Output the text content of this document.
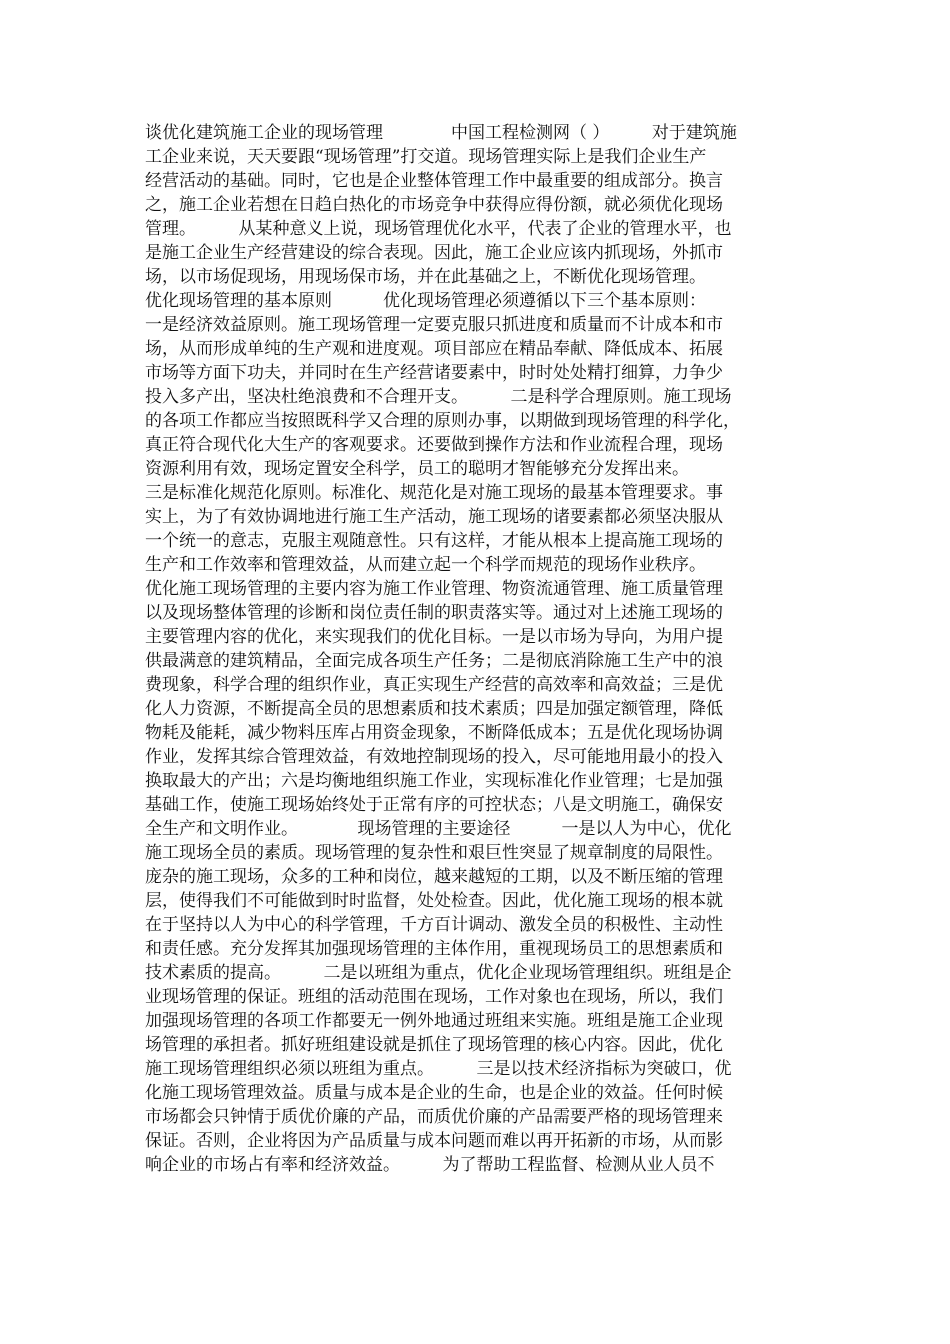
谈优化建筑施工企业的现场管理　　　　中国工程检测网（ ）　　　对于建筑施
工企业来说，天天要跟“现场管理”打交道。现场管理实际上是我们企业生产
经营活动的基础。同时，它也是企业整体管理工作中最重要的组成部分。换言
之，施工企业若想在日趋白热化的市场竞争中获得应得份额，就必须优化现场
管理。　　　从某种意义上说，现场管理优化水平，代表了企业的管理水平，也
是施工企业生产经营建设的综合表现。因此，施工企业应该内抓现场，外抓市
场，以市场促现场，用现场保市场，并在此基础之上，不断优化现场管理。
优化现场管理的基本原则　　　优化现场管理必须遵循以下三个基本原则：
一是经济效益原则。施工现场管理一定要克服只抓进度和质量而不计成本和市
场，从而形成单纯的生产观和进度观。项目部应在精品奉献、降低成本、拓展
市场等方面下功夫，并同时在生产经营诸要素中，时时处处精打细算，力争少
投入多产出，坚决杜绝浪费和不合理开支。　　　二是科学合理原则。施工现场
的各项工作都应当按照既科学又合理的原则办事，以期做到现场管理的科学化，
真正符合现代化大生产的客观要求。还要做到操作方法和作业流程合理，现场
资源利用有效，现场定置安全科学，员工的聪明才智能够充分发挥出来。
三是标准化规范化原则。标准化、规范化是对施工现场的最基本管理要求。事
实上，为了有效协调地进行施工生产活动，施工现场的诸要素都必须坚决服从
一个统一的意志，克服主观随意性。只有这样，才能从根本上提高施工现场的
生产和工作效率和管理效益，从而建立起一个科学而规范的现场作业秩序。
优化施工现场管理的主要内容为施工作业管理、物资流通管理、施工质量管理
以及现场整体管理的诊断和岗位责任制的职责落实等。通过对上述施工现场的
主要管理内容的优化，来实现我们的优化目标。一是以市场为导向，为用户提
供最满意的建筑精品，全面完成各项生产任务；二是彻底消除施工生产中的浪
费现象，科学合理的组织作业，真正实现生产经营的高效率和高效益；三是优
化人力资源，不断提高全员的思想素质和技术素质；四是加强定额管理，降低
物耗及能耗，减少物料压库占用资金现象，不断降低成本；五是优化现场协调
作业，发挥其综合管理效益，有效地控制现场的投入，尽可能地用最小的投入
换取最大的产出；六是均衡地组织施工作业，实现标准化作业管理；七是加强
基础工作，使施工现场始终处于正常有序的可控状态；八是文明施工，确保安
全生产和文明作业。　　　　现场管理的主要途径　　　一是以人为中心，优化
施工现场全员的素质。现场管理的复杂性和艰巨性突显了规章制度的局限性。
庞杂的施工现场，众多的工种和岗位，越来越短的工期，以及不断压缩的管理
层，使得我们不可能做到时时监督，处处检查。因此，优化施工现场的根本就
在于坚持以人为中心的科学管理，千方百计调动、激发全员的积极性、主动性
和责任感。充分发挥其加强现场管理的主体作用，重视现场员工的思想素质和
技术素质的提高。　　　二是以班组为重点，优化企业现场管理组织。班组是企
业现场管理的保证。班组的活动范围在现场，工作对象也在现场，所以，我们
加强现场管理的各项工作都要无一例外地通过班组来实施。班组是施工企业现
场管理的承担者。抓好班组建设就是抓住了现场管理的核心内容。因此，优化
施工现场管理组织必须以班组为重点。　　　三是以技术经济指标为突破口，优
化施工现场管理效益。质量与成本是企业的生命，也是企业的效益。任何时候
市场都会只钟情于质优价廉的产品，而质优价廉的产品需要严格的现场管理来
保证。否则，企业将因为产品质量与成本问题而难以再开拓新的市场，从而影
响企业的市场占有率和经济效益。　　　为了帮助工程监督、检测从业人员不
